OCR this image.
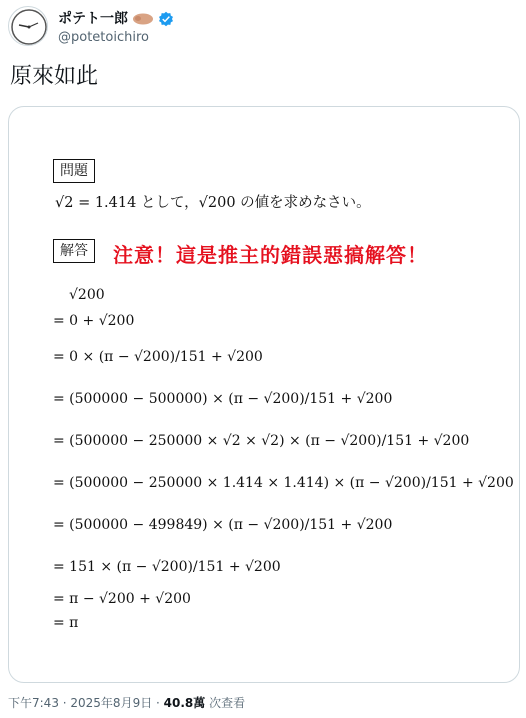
ポテト一郎
@potetoichiro
原來如此
問題
√2 = 1.414 として，√200 の値を求めなさい。
解答	注意！這是推主的錯誤惡搞解答！
√200
= 0 + √200
= 0 × (π − √200)/151 + √200
= (500000 − 500000) × (π − √200)/151 + √200
= (500000 − 250000 × √2 × √2) × (π − √200)/151 + √200
= (500000 − 250000 × 1.414 × 1.414) × (π − √200)/151 + √200
= (500000 − 499849) × (π − √200)/151 + √200
= 151 × (π − √200)/151 + √200
= π − √200 + √200
= π
下午7:43 · 2025年8月9日 · 40.8萬 次查看
